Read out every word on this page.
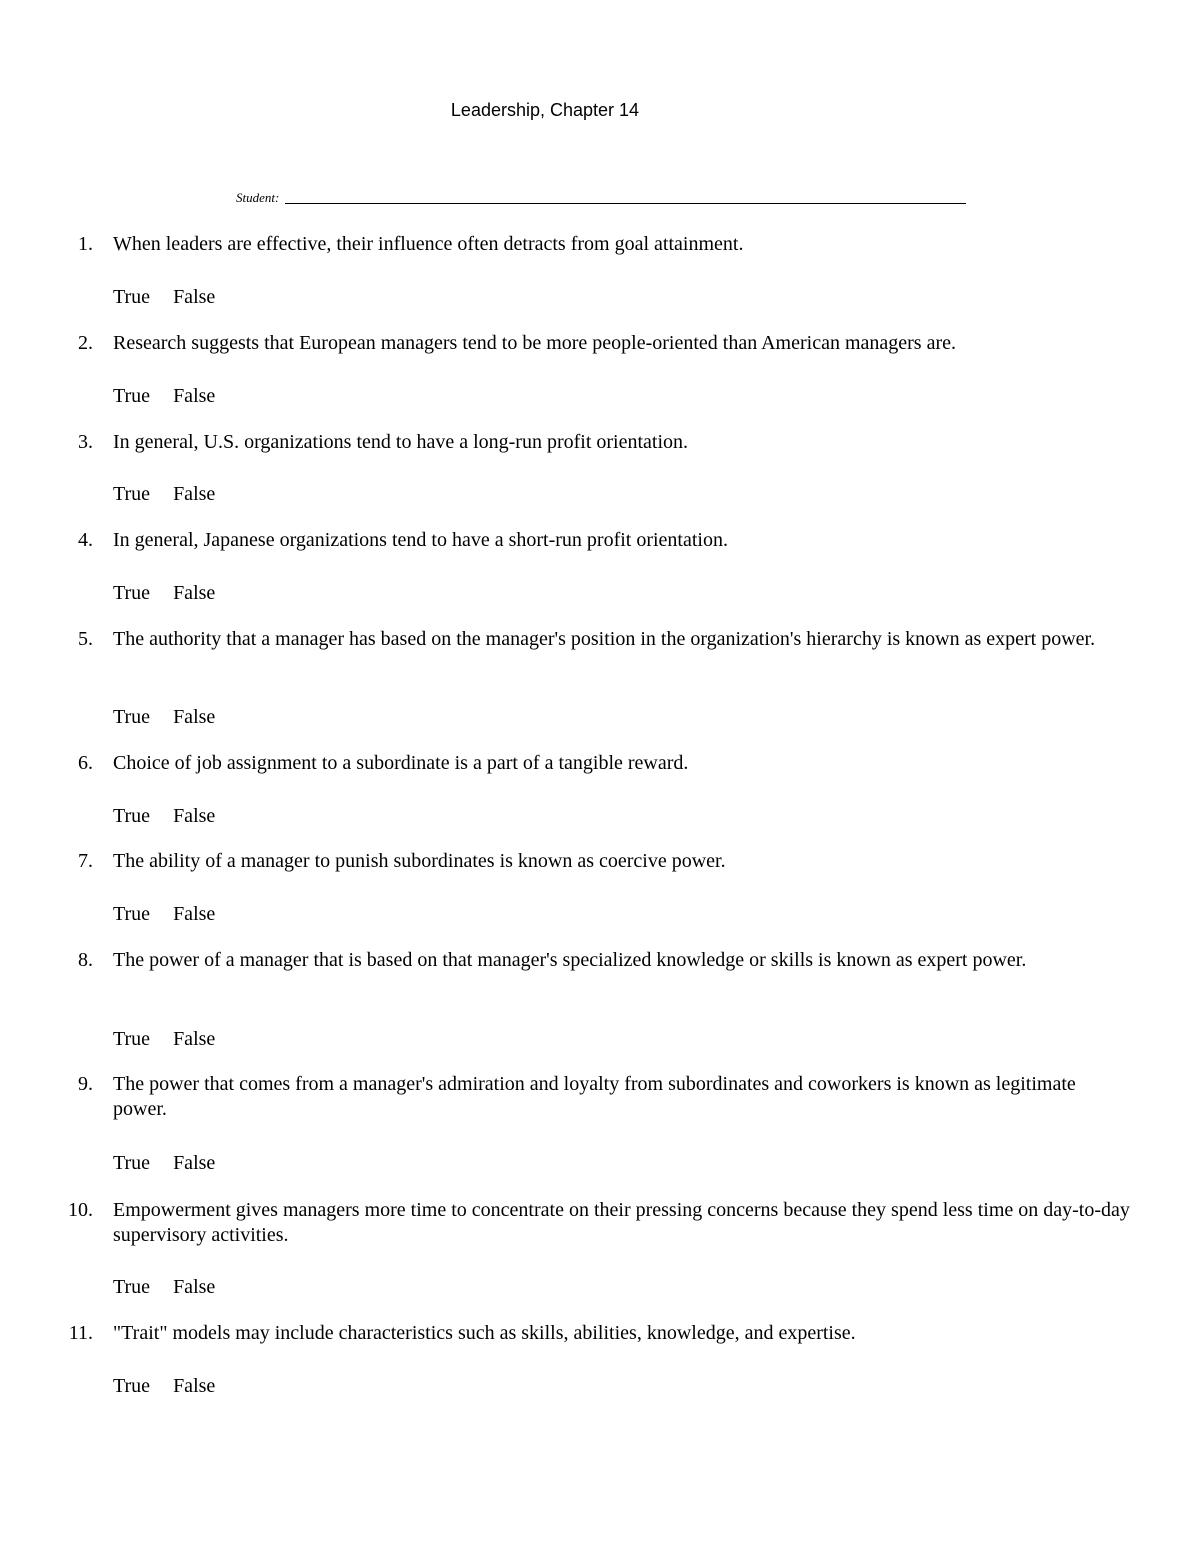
Leadership, Chapter 14
Student:
1. When leaders are effective, their influence often detracts from goal attainment.
True False
2. Research suggests that European managers tend to be more people-oriented than American managers are.
True False
3. In general, U.S. organizations tend to have a long-run profit orientation.
True False
4. In general, Japanese organizations tend to have a short-run profit orientation.
True False
5. The authority that a manager has based on the manager's position in the organization's hierarchy is known as expert power.
True False
6. Choice of job assignment to a subordinate is a part of a tangible reward.
True False
7. The ability of a manager to punish subordinates is known as coercive power.
True False
8. The power of a manager that is based on that manager's specialized knowledge or skills is known as expert power.
True False
9. The power that comes from a manager's admiration and loyalty from subordinates and coworkers is known as legitimate power.
True False
10. Empowerment gives managers more time to concentrate on their pressing concerns because they spend less time on day-to-day supervisory activities.
True False
11. "Trait" models may include characteristics such as skills, abilities, knowledge, and expertise.
True False
